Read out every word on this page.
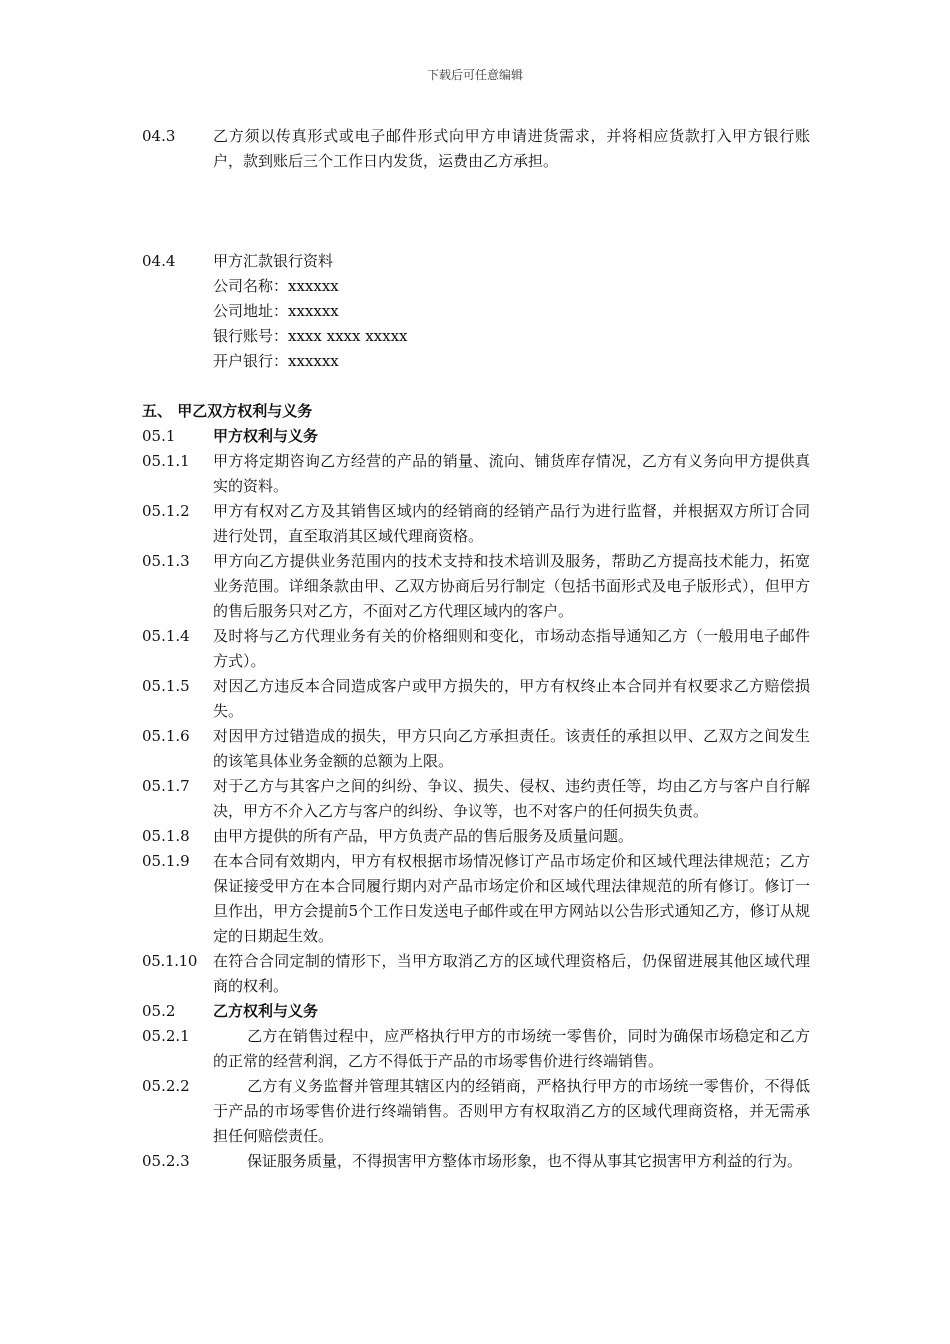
下载后可任意编辑
04.3	乙方须以传真形式或电子邮件形式向甲方申请进货需求，并将相应货款打入甲方银行账户，款到账后三个工作日内发货，运费由乙方承担。
04.4	甲方汇款银行资料
公司名称：xxxxxx
公司地址：xxxxxx
银行账号：xxxx xxxx xxxxx
开户银行：xxxxxx
五、 甲乙双方权利与义务
05.1	甲方权利与义务
05.1.1	甲方将定期咨询乙方经营的产品的销量、流向、铺货库存情况，乙方有义务向甲方提供真实的资料。
05.1.2	甲方有权对乙方及其销售区域内的经销商的经销产品行为进行监督，并根据双方所订合同进行处罚，直至取消其区域代理商资格。
05.1.3	甲方向乙方提供业务范围内的技术支持和技术培训及服务，帮助乙方提高技术能力，拓宽业务范围。详细条款由甲、乙双方协商后另行制定（包括书面形式及电子版形式），但甲方的售后服务只对乙方，不面对乙方代理区域内的客户。
05.1.4	及时将与乙方代理业务有关的价格细则和变化，市场动态指导通知乙方（一般用电子邮件方式）。
05.1.5	对因乙方违反本合同造成客户或甲方损失的，甲方有权终止本合同并有权要求乙方赔偿损失。
05.1.6	对因甲方过错造成的损失，甲方只向乙方承担责任。该责任的承担以甲、乙双方之间发生的该笔具体业务金额的总额为上限。
05.1.7	对于乙方与其客户之间的纠纷、争议、损失、侵权、违约责任等，均由乙方与客户自行解决，甲方不介入乙方与客户的纠纷、争议等，也不对客户的任何损失负责。
05.1.8	由甲方提供的所有产品，甲方负责产品的售后服务及质量问题。
05.1.9	在本合同有效期内，甲方有权根据市场情况修订产品市场定价和区域代理法律规范；乙方保证接受甲方在本合同履行期内对产品市场定价和区域代理法律规范的所有修订。修订一旦作出，甲方会提前5个工作日发送电子邮件或在甲方网站以公告形式通知乙方，修订从规定的日期起生效。
05.1.10	在符合合同定制的情形下，当甲方取消乙方的区域代理资格后，仍保留进展其他区域代理商的权利。
05.2	乙方权利与义务
05.2.1	乙方在销售过程中，应严格执行甲方的市场统一零售价，同时为确保市场稳定和乙方的正常的经营利润，乙方不得低于产品的市场零售价进行终端销售。
05.2.2	乙方有义务监督并管理其辖区内的经销商，严格执行甲方的市场统一零售价，不得低于产品的市场零售价进行终端销售。否则甲方有权取消乙方的区域代理商资格，并无需承担任何赔偿责任。
05.2.3	保证服务质量，不得损害甲方整体市场形象，也不得从事其它损害甲方利益的行为。
